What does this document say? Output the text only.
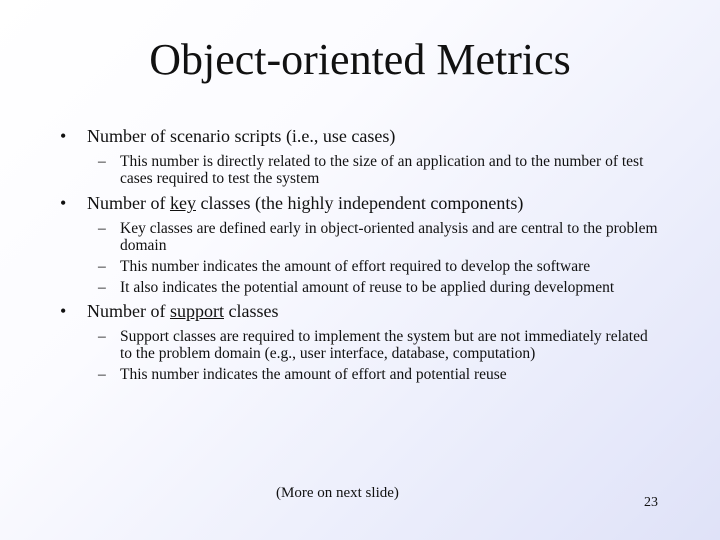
Object-oriented Metrics
• Number of scenario scripts (i.e., use cases)
– This number is directly related to the size of an application and to the number of test cases required to test the system
• Number of key classes (the highly independent components)
– Key classes are defined early in object-oriented analysis and are central to the problem domain
– This number indicates the amount of effort required to develop the software
– It also indicates the potential amount of reuse to be applied during development
• Number of support classes
– Support classes are required to implement the system but are not immediately related to the problem domain (e.g., user interface, database, computation)
– This number indicates the amount of effort and potential reuse
(More on next slide)
23
